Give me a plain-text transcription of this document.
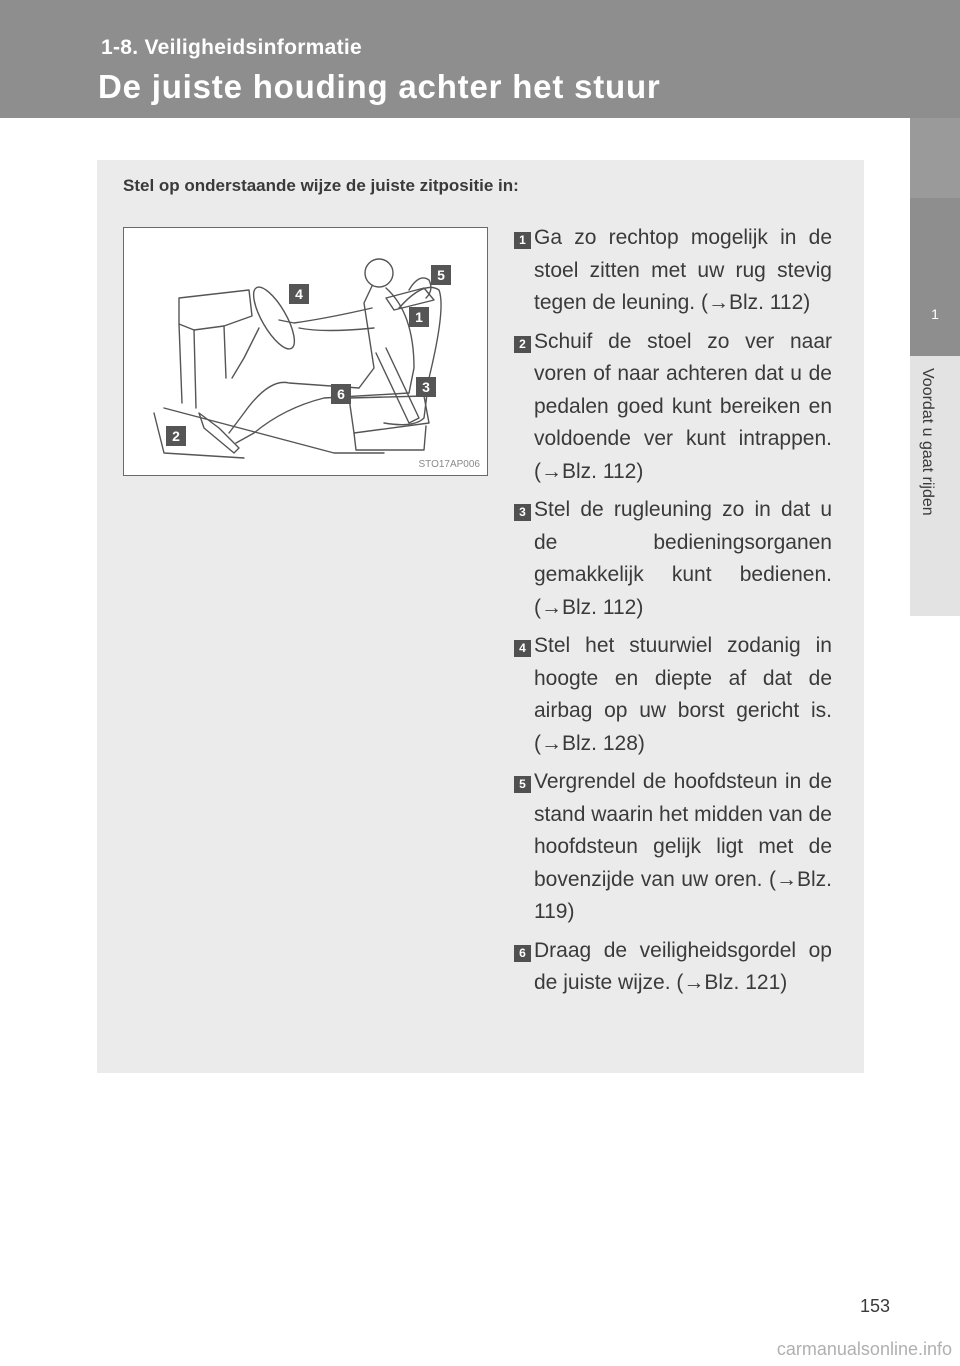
1-8. Veiligheidsinformatie
De juiste houding achter het stuur
1
Voordat u gaat rijden
Stel op onderstaande wijze de juiste zitpositie in:
1
2
3
4
5
6
STO17AP006
1 Ga zo rechtop mogelijk in de stoel zitten met uw rug stevig tegen de leuning. (→Blz. 112)
2 Schuif de stoel zo ver naar voren of naar achteren dat u de pedalen goed kunt bereiken en voldoende ver kunt intrappen. (→Blz. 112)
3 Stel de rugleuning zo in dat u de bedieningsorganen gemakkelijk kunt bedienen. (→Blz. 112)
4 Stel het stuurwiel zodanig in hoogte en diepte af dat de airbag op uw borst gericht is. (→Blz. 128)
5 Vergrendel de hoofdsteun in de stand waarin het midden van de hoofdsteun gelijk ligt met de bovenzijde van uw oren. (→Blz. 119)
6 Draag de veiligheidsgordel op de juiste wijze. (→Blz. 121)
153
carmanualsonline.info
